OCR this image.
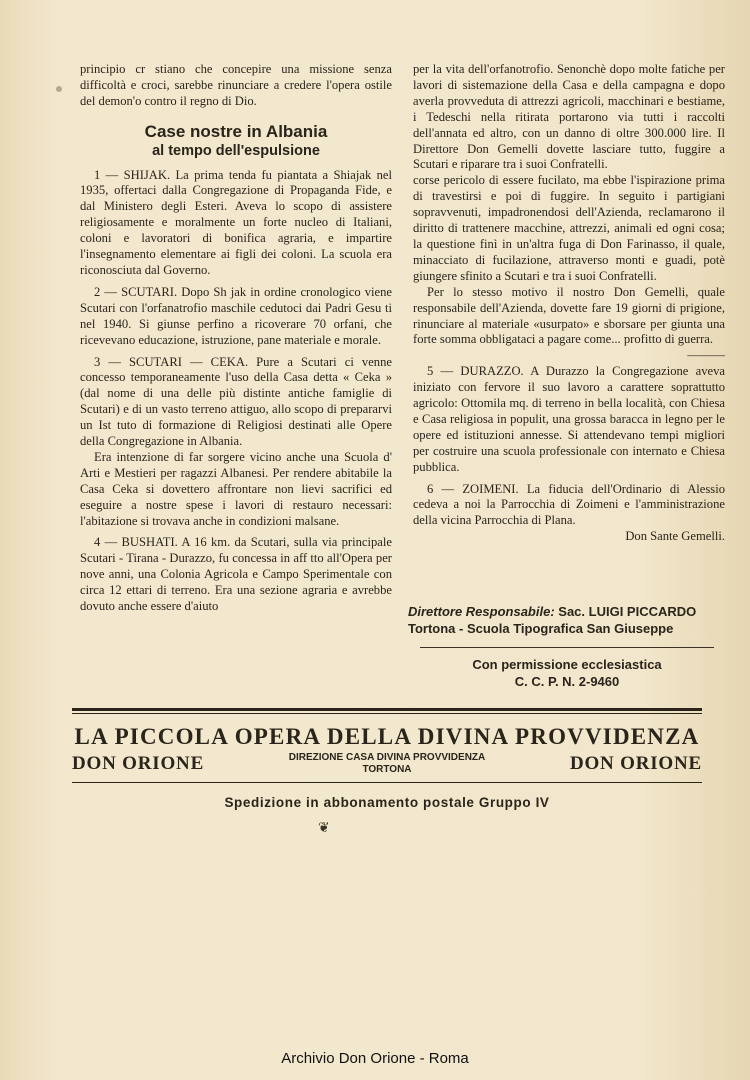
principio cr stiano che concepire una missione senza difficoltà e croci, sarebbe rinunciare a credere l'opera ostile del demon'o contro il regno di Dio.

Case nostre in Albania
al tempo dell'espulsione

1 — SHIJAK. La prima tenda fu piantata a Shiajak nel 1935, offertaci dalla Congregazione di Propaganda Fide, e dal Ministero degli Esteri. Aveva lo scopo di assistere religiosamente e moralmente un forte nucleo di Italiani, coloni e lavoratori di bonifica agraria, e impartire l'insegnamento elementare ai figli dei coloni. La scuola era riconosciuta dal Governo.

2 — SCUTARI. Dopo Sh jak in ordine cronologico viene Scutari con l'orfanatrofio maschile cedutoci dai Padri Gesu ti nel 1940. Si giunse perfino a ricoverare 70 orfani, che ricevevano educazione, istruzione, pane materiale e morale.

3 — SCUTARI — CEKA. Pure a Scutari ci venne concesso temporaneamente l'uso della Casa detta « Ceka » (dal nome di una delle più distinte antiche famiglie di Scutari) e di un vasto terreno attiguo, allo scopo di prepararvi un Ist tuto di formazione di Religiosi destinati alle Opere della Congregazione in Albania.

Era intenzione di far sorgere vicino anche una Scuola d' Arti e Mestieri per ragazzi Albanesi. Per rendere abitabile la Casa Ceka si dovettero affrontare non lievi sacrifici ed eseguire a nostre spese i lavori di restauro necessari: l'abitazione si trovava anche in condizioni malsane.

4 — BUSHATI. A 16 km. da Scutari, sulla via principale Scutari - Tirana - Durazzo, fu concessa in aff tto all'Opera per nove anni, una Colonia Agricola e Campo Sperimentale con circa 12 ettari di terreno. Era una sezione agraria e avrebbe dovuto anche essere d'aiuto

per la vita dell'orfanotrofio. Senonchè dopo molte fatiche per lavori di sistemazione della Casa e della campagna e dopo averla provveduta di attrezzi agricoli, macchinari e bestiame, i Tedeschi nella ritirata portarono via tutti i raccolti dell'annata ed altro, con un danno di oltre 300.000 lire. Il Direttore Don Gemelli dovette lasciare tutto, fuggire a Scutari e riparare tra i suoi Confratelli.

corse pericolo di essere fucilato, ma ebbe l'ispirazione prima di travestirsi e poi di fuggire. In seguito i partigiani sopravvenuti, impadronendosi dell'Azienda, reclamarono il diritto di trattenere macchine, attrezzi, animali ed ogni cosa; la questione finì in un'altra fuga di Don Farinasso, il quale, minacciato di fucilazione, attraverso monti e guadi, potè giungere sfinito a Scutari e tra i suoi Confratelli.

Per lo stesso motivo il nostro Don Gemelli, quale responsabile dell'Azienda, dovette fare 19 giorni di prigione, rinunciare al materiale «usurpato» e sborsare per giunta una forte somma obbligataci a pagare come... profitto di guerra.

———

5 — DURAZZO. A Durazzo la Congregazione aveva iniziato con fervore il suo lavoro a carattere soprattutto agricolo: Ottomila mq. di terreno in bella località, con Chiesa e Casa religiosa in populit, una grossa baracca in legno per le opere ed istituzioni annesse. Si attendevano tempi migliori per costruire una scuola professionale con internato e Chiesa pubblica.

6 — ZOIMENI. La fiducia dell'Ordinario di Alessio cedeva a noi la Parrocchia di Zoimeni e l'amministrazione della vicina Parrocchia di Plana.

Don Sante Gemelli.
Direttore Responsabile: Sac. LUIGI PICCARDO
Tortona - Scuola Tipografica San Giuseppe
Con permissione ecclesiastica
C. C. P. N. 2-9460
LA PICCOLA OPERA DELLA DIVINA PROVVIDENZA
DON ORIONE	DIREZIONE CASA DIVINA PROVVIDENZA
TORTONA	DON ORIONE
Spedizione in abbonamento postale Gruppo IV
❦
Archivio Don Orione - Roma
